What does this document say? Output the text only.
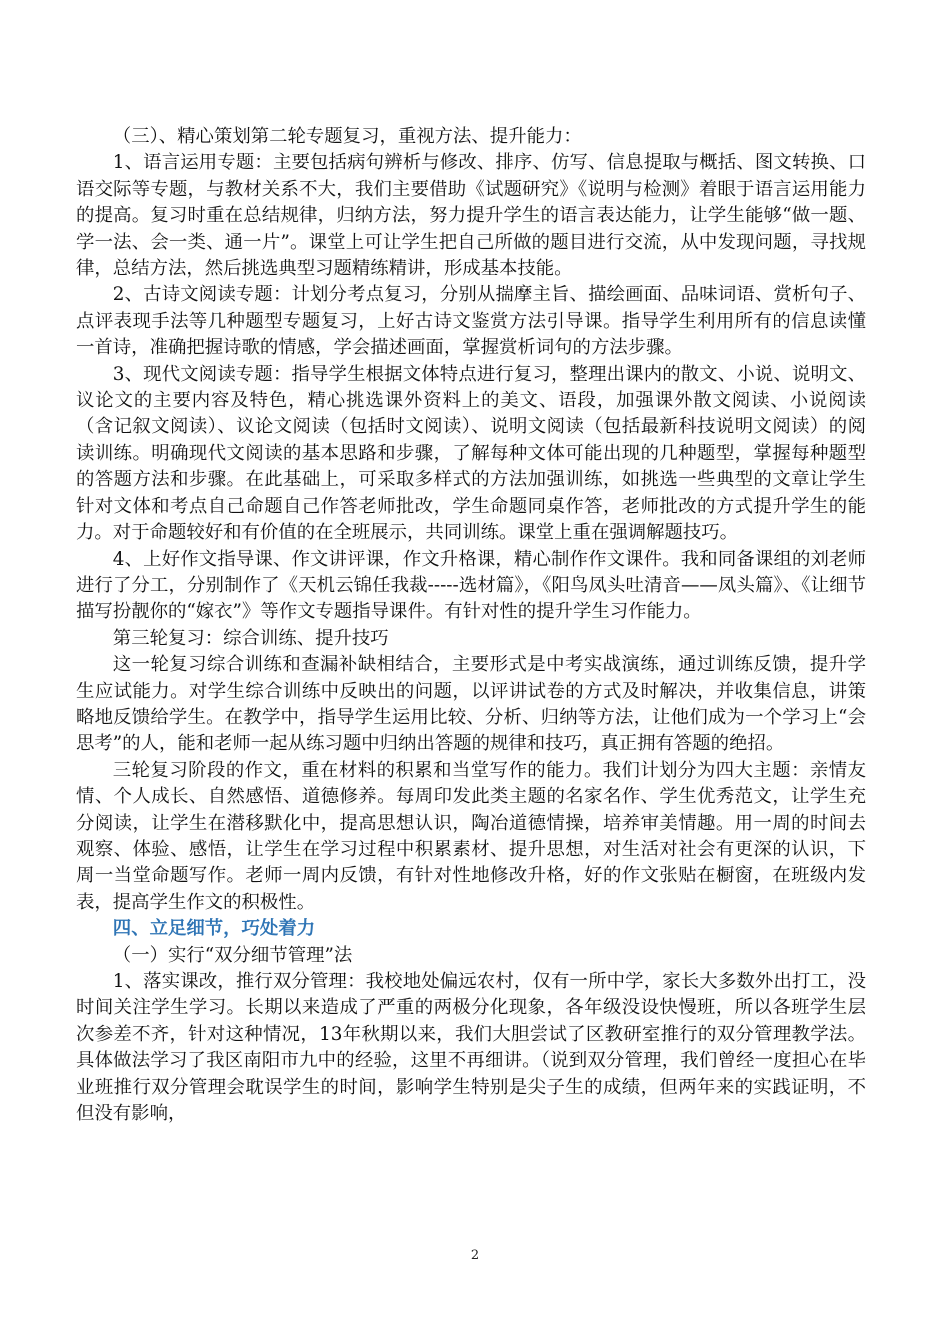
（三）、精心策划第二轮专题复习，重视方法、提升能力：

1、语言运用专题：主要包括病句辨析与修改、排序、仿写、信息提取与概括、图文转换、口语交际等专题，与教材关系不大，我们主要借助《试题研究》《说明与检测》着眼于语言运用能力的提高。复习时重在总结规律，归纳方法，努力提升学生的语言表达能力，让学生能够“做一题、学一法、会一类、通一片”。课堂上可让学生把自己所做的题目进行交流，从中发现问题，寻找规律，总结方法，然后挑选典型习题精练精讲，形成基本技能。

2、古诗文阅读专题：计划分考点复习，分别从揣摩主旨、描绘画面、品味词语、赏析句子、点评表现手法等几种题型专题复习，上好古诗文鉴赏方法引导课。指导学生利用所有的信息读懂一首诗，准确把握诗歌的情感，学会描述画面，掌握赏析词句的方法步骤。

3、现代文阅读专题：指导学生根据文体特点进行复习，整理出课内的散文、小说、说明文、议论文的主要内容及特色，精心挑选课外资料上的美文、语段，加强课外散文阅读、小说阅读（含记叙文阅读）、议论文阅读（包括时文阅读）、说明文阅读（包括最新科技说明文阅读）的阅读训练。明确现代文阅读的基本思路和步骤，了解每种文体可能出现的几种题型，掌握每种题型的答题方法和步骤。在此基础上，可采取多样式的方法加强训练，如挑选一些典型的文章让学生针对文体和考点自己命题自己作答老师批改，学生命题同桌作答，老师批改的方式提升学生的能力。对于命题较好和有价值的在全班展示，共同训练。课堂上重在强调解题技巧。

4、上好作文指导课、作文讲评课，作文升格课，精心制作作文课件。我和同备课组的刘老师进行了分工，分别制作了《天机云锦任我裁-----选材篇》，《阳鸟凤头吐清音——凤头篇》、《让细节描写扮靓你的“嫁衣”》等作文专题指导课件。有针对性的提升学生习作能力。

第三轮复习：综合训练、提升技巧

这一轮复习综合训练和查漏补缺相结合，主要形式是中考实战演练，通过训练反馈，提升学生应试能力。对学生综合训练中反映出的问题，以评讲试卷的方式及时解决，并收集信息，讲策略地反馈给学生。在教学中，指导学生运用比较、分析、归纳等方法，让他们成为一个学习上“会思考”的人，能和老师一起从练习题中归纳出答题的规律和技巧，真正拥有答题的绝招。

三轮复习阶段的作文，重在材料的积累和当堂写作的能力。我们计划分为四大主题：亲情友情、个人成长、自然感悟、道德修养。每周印发此类主题的名家名作、学生优秀范文，让学生充分阅读，让学生在潜移默化中，提高思想认识，陶冶道德情操，培养审美情趣。用一周的时间去观察、体验、感悟，让学生在学习过程中积累素材、提升思想，对生活对社会有更深的认识，下周一当堂命题写作。老师一周内反馈，有针对性地修改升格，好的作文张贴在橱窗，在班级内发表，提高学生作文的积极性。

四、立足细节，巧处着力

（一）实行“双分细节管理”法

1、落实课改，推行双分管理：我校地处偏远农村，仅有一所中学，家长大多数外出打工，没时间关注学生学习。长期以来造成了严重的两极分化现象，各年级没设快慢班，所以各班学生层次参差不齐，针对这种情况，13年秋期以来，我们大胆尝试了区教研室推行的双分管理教学法。具体做法学习了我区南阳市九中的经验，这里不再细讲。（说到双分管理，我们曾经一度担心在毕业班推行双分管理会耽误学生的时间，影响学生特别是尖子生的成绩，但两年来的实践证明，不但没有影响，

2
